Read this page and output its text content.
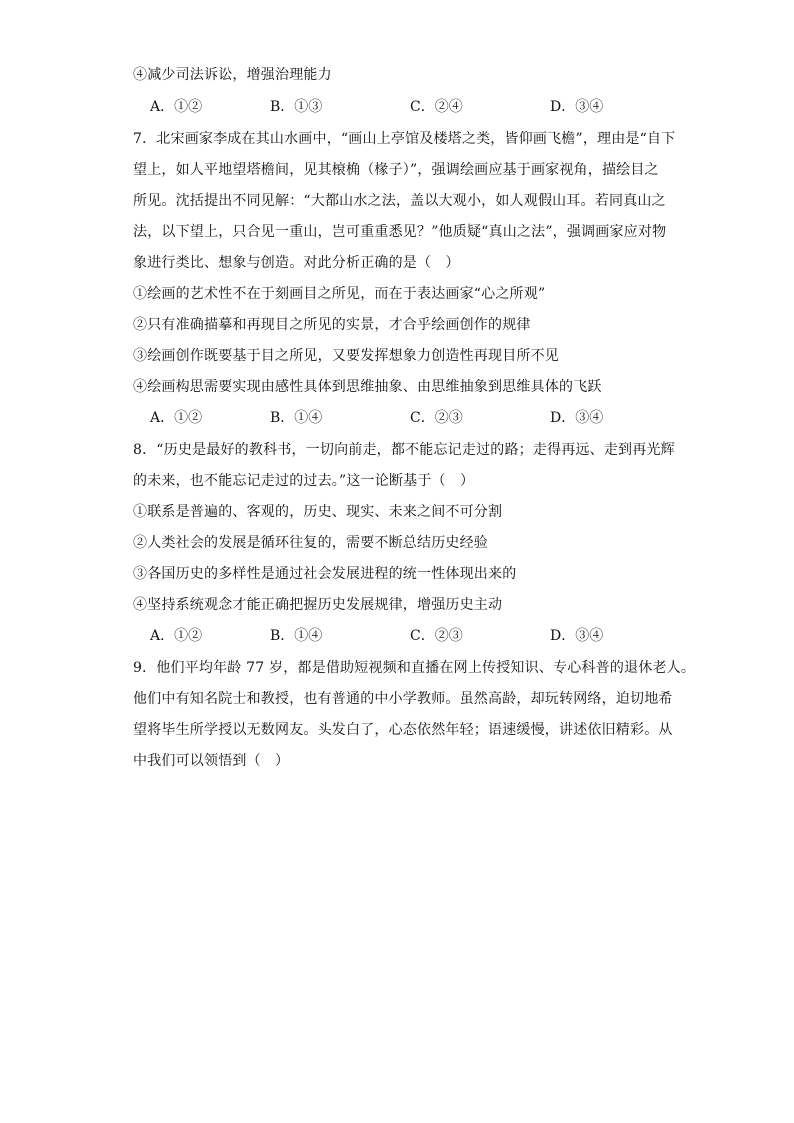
④减少司法诉讼，增强治理能力
A．①②	B．①③	C．②④	D．③④
7．北宋画家李成在其山水画中，“画山上亭馆及楼塔之类，皆仰画飞檐”，理由是“自下
望上，如人平地望塔檐间，见其榱桷（椽子）”，强调绘画应基于画家视角，描绘目之
所见。沈括提出不同见解：“大都山水之法，盖以大观小，如人观假山耳。若同真山之
法，以下望上，只合见一重山，岂可重重悉见？”他质疑“真山之法”，强调画家应对物
象进行类比、想象与创造。对此分析正确的是（　）
①绘画的艺术性不在于刻画目之所见，而在于表达画家“心之所观”
②只有准确描摹和再现目之所见的实景，才合乎绘画创作的规律
③绘画创作既要基于目之所见，又要发挥想象力创造性再现目所不见
④绘画构思需要实现由感性具体到思维抽象、由思维抽象到思维具体的飞跃
A．①②	B．①④	C．②③	D．③④
8．“历史是最好的教科书，一切向前走，都不能忘记走过的路；走得再远、走到再光辉
的未来，也不能忘记走过的过去。”这一论断基于（　）
①联系是普遍的、客观的，历史、现实、未来之间不可分割
②人类社会的发展是循环往复的，需要不断总结历史经验
③各国历史的多样性是通过社会发展进程的统一性体现出来的
④坚持系统观念才能正确把握历史发展规律，增强历史主动
A．①②	B．①④	C．②③	D．③④
9．他们平均年龄 77 岁，都是借助短视频和直播在网上传授知识、专心科普的退休老人。
他们中有知名院士和教授，也有普通的中小学教师。虽然高龄，却玩转网络，迫切地希
望将毕生所学授以无数网友。头发白了，心态依然年轻；语速缓慢，讲述依旧精彩。从
中我们可以领悟到（　）
